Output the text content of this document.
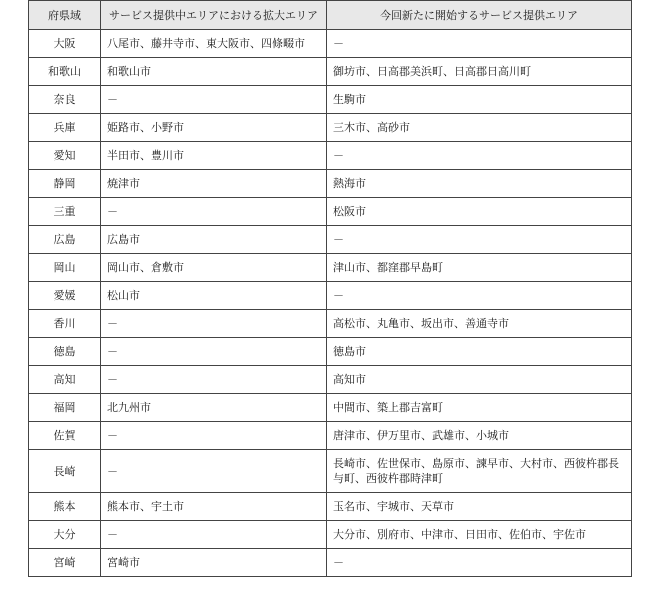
府県域	サービス提供中エリアにおける拡大エリア	今回新たに開始するサービス提供エリア
大阪	八尾市、藤井寺市、東大阪市、四條畷市	－
和歌山	和歌山市	御坊市、日高郡美浜町、日高郡日高川町
奈良	－	生駒市
兵庫	姫路市、小野市	三木市、高砂市
愛知	半田市、豊川市	－
静岡	焼津市	熱海市
三重	－	松阪市
広島	広島市	－
岡山	岡山市、倉敷市	津山市、都窪郡早島町
愛媛	松山市	－
香川	－	高松市、丸亀市、坂出市、善通寺市
徳島	－	徳島市
高知	－	高知市
福岡	北九州市	中間市、築上郡吉富町
佐賀	－	唐津市、伊万里市、武雄市、小城市
長崎	－	長崎市、佐世保市、島原市、諫早市、大村市、西彼杵郡長与町、西彼杵郡時津町
熊本	熊本市、宇土市	玉名市、宇城市、天草市
大分	－	大分市、別府市、中津市、日田市、佐伯市、宇佐市
宮崎	宮崎市	－
